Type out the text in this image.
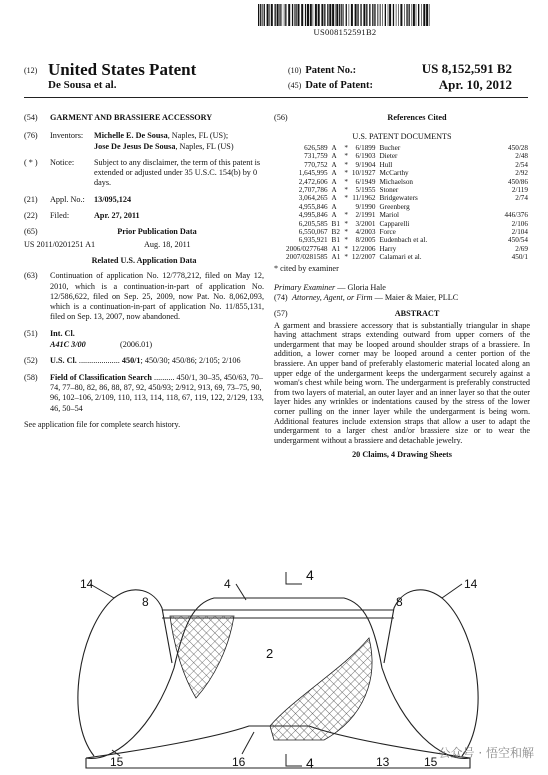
US008152591B2
(12) United States Patent
De Sousa et al.
(10) Patent No.:	US 8,152,591 B2
(45) Date of Patent:	Apr. 10, 2012
(54)	GARMENT AND BRASSIERE ACCESSORY
(76)	Inventors:	Michelle E. De Sousa, Naples, FL (US);
Jose De Jesus De Sousa, Naples, FL (US)
( * )	Notice:	Subject to any disclaimer, the term of this patent is extended or adjusted under 35 U.S.C. 154(b) by 0 days.
(21)	Appl. No.:	13/095,124
(22)	Filed:	Apr. 27, 2011
(65)	Prior Publication Data
US 2011/0201251 A1	Aug. 18, 2011
Related U.S. Application Data
(63)	Continuation of application No. 12/778,212, filed on May 12, 2010, which is a continuation-in-part of application No. 12/586,622, filed on Sep. 25, 2009, now Pat. No. 8,062,093, which is a continuation-in-part of application No. 11/855,131, filed on Sep. 13, 2007, now abandoned.
(51)	Int. Cl.
A41C 3/00	(2006.01)
(52)	U.S. Cl. .................... 450/1; 450/30; 450/86; 2/105; 2/106
(58)	Field of Classification Search .......... 450/1, 30–35, 450/63, 70–74, 77–80, 82, 86, 88, 87, 92, 450/93; 2/912, 913, 69, 73–75, 90, 96, 102–106, 2/109, 110, 113, 114, 118, 67, 119, 122, 2/129, 133, 46, 50–54
See application file for complete search history.
(56)	References Cited
U.S. PATENT DOCUMENTS
626,589	A	*	6/1899	Bucher	450/28
731,759	A	*	6/1903	Dieter	2/48
770,752	A	*	9/1904	Hull	2/54
1,645,995	A	*	10/1927	McCarthy	2/92
2,472,606	A	*	6/1949	Michaelson	450/86
2,707,786	A	*	5/1955	Stoner	2/119
3,064,265	A	*	11/1962	Bridgewaters	2/74
4,955,846	A		9/1990	Greenberg	
4,995,846	A	*	2/1991	Mariol	446/376
6,205,585	B1	*	3/2001	Capparelli	2/106
6,550,067	B2	*	4/2003	Force	2/104
6,935,921	B1	*	8/2005	Eudenbach et al.	450/54
2006/0277648	A1	*	12/2006	Harry	2/69
2007/0281585	A1	*	12/2007	Calamari et al.	450/1
* cited by examiner
Primary Examiner — Gloria Hale
(74) Attorney, Agent, or Firm — Maier & Maier, PLLC
(57)	ABSTRACT
A garment and brassiere accessory that is substantially triangular in shape having attachment straps extending outward from upper corners of the undergarment that may be looped around shoulder straps of a brassiere. In addition, a lower corner may be looped around a center portion of the brassiere. An upper band of preferably elastomeric material located along an upper edge of the undergarment keeps the undergarment securely against a woman's chest while being worn. The undergarment is preferably constructed from two layers of material, an outer layer and an inner layer so that the outer layer hides any wrinkles or indentations caused by the stress of the lower corner pulling on the inner layer while the undergarment is being worn. Additional features include extension straps that allow a user to adapt the undergarment to a larger chest and/or brassiere size or to wear the undergarment without a brassiere and detachable jewelry.
20 Claims, 4 Drawing Sheets
14	4
4
14
8	8
2
15	16	4	13	15
公众号 · 悟空和解
